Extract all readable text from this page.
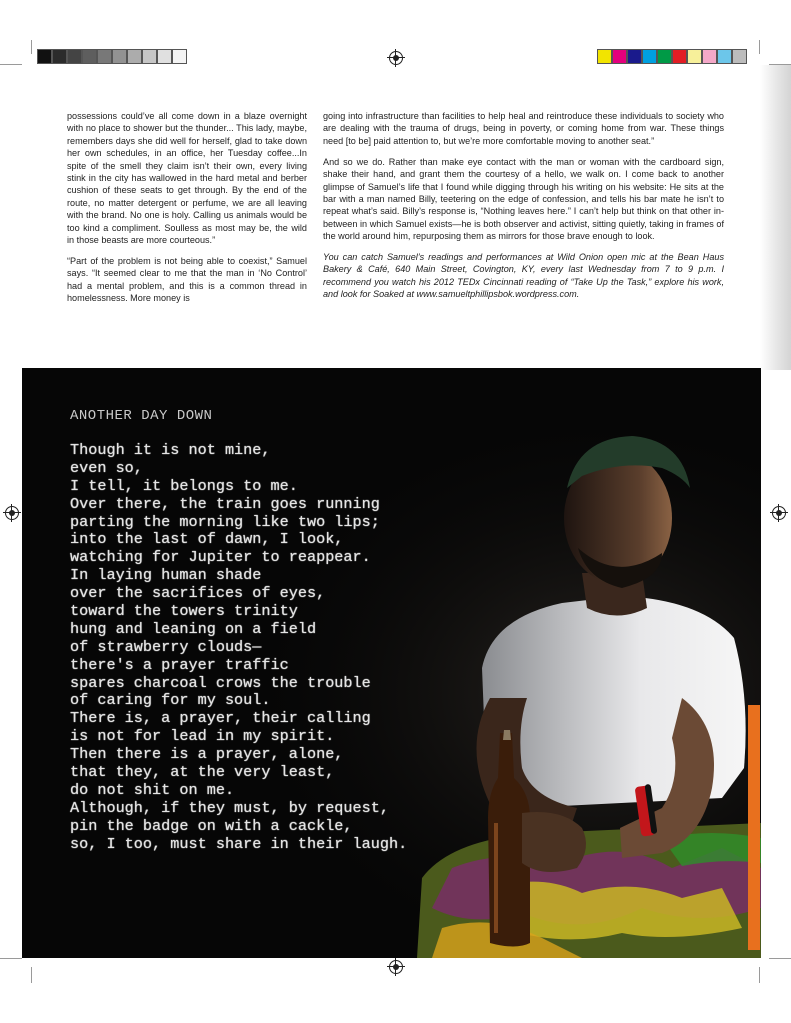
possessions could’ve all come down in a blaze overnight with no place to shower but the thunder... This lady, maybe, remembers days she did well for herself, glad to take down her own schedules, in an office, her Tuesday coffee...In spite of the smell they claim isn’t their own, every living stink in the city has wallowed in the hard metal and berber cushion of these seats to get through. By the end of the route, no matter detergent or perfume, we are all leaving with the brand. No one is holy. Calling us animals would be too kind a compliment. Soulless as most may be, the wild in those beasts are more courteous.”

“Part of the problem is not being able to coexist,” Samuel says. “It seemed clear to me that the man in ‘No Control’ had a mental problem, and this is a common thread in homelessness. More money is

going into infrastructure than facilities to help heal and reintroduce these individuals to society who are dealing with the trauma of drugs, being in poverty, or coming home from war. These things need [to be] paid attention to, but we’re more comfortable moving to another seat.”

And so we do. Rather than make eye contact with the man or woman with the cardboard sign, shake their hand, and grant them the courtesy of a hello, we walk on. I come back to another glimpse of Samuel’s life that I found while digging through his writing on his website: He sits at the bar with a man named Billy, teetering on the edge of confession, and tells his bar mate he isn’t to repeat what’s said. Billy’s response is, “Nothing leaves here.” I can’t help but think on that other in-between in which Samuel exists—he is both observer and activist, sitting quietly, taking in frames of the world around him, repurposing them as mirrors for those brave enough to look.

You can catch Samuel’s readings and performances at Wild Onion open mic at the Bean Haus Bakery & Café, 640 Main Street, Covington, KY, every last Wednesday from 7 to 9 p.m. I recommend you watch his 2012 TEDx Cincinnati reading of “Take Up the Task,” explore his work, and look for Soaked at www.samueltphillipsbok.wordpress.com.

ANOTHER DAY DOWN
Though it is not mine,
even so,
I tell, it belongs to me.
Over there, the train goes running
parting the morning like two lips;
into the last of dawn, I look,
watching for Jupiter to reappear.
In laying human shade
over the sacrifices of eyes,
toward the towers trinity
hung and leaning on a field
of strawberry clouds—
there's a prayer traffic
spares charcoal crows the trouble
of caring for my soul.
There is, a prayer, their calling
is not for lead in my spirit.
Then there is a prayer, alone,
that they, at the very least,
do not shit on me.
Although, if they must, by request,
pin the badge on with a cackle,
so, I too, must share in their laugh.
